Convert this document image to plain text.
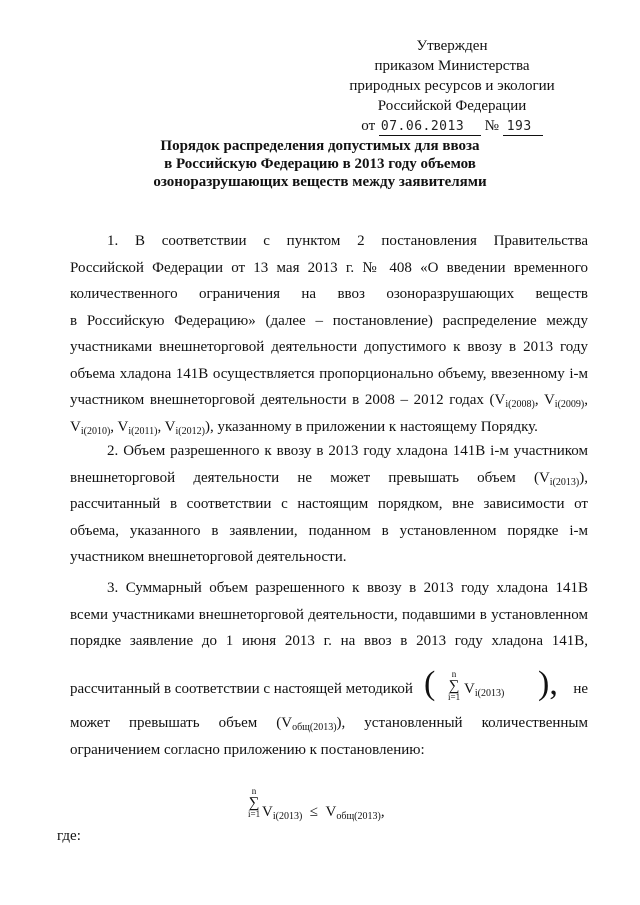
Утвержден
приказом Министерства
природных ресурсов и экологии
Российской Федерации
от 07.06.2013 № 193
Порядок распределения допустимых для ввоза
в Российскую Федерацию в 2013 году объемов
озоноразрушающих веществ между заявителями
1. В соответствии с пунктом 2 постановления Правительства
Российской Федерации от 13 мая 2013 г. № 408 «О введении временного
количественного ограничения на ввоз озоноразрушающих веществ
в Российскую Федерацию» (далее – постановление) распределение между
участниками внешнеторговой деятельности допустимого к ввозу в 2013 году
объема хладона 141В осуществляется пропорционально объему, ввезенному i-м
участником внешнеторговой деятельности в 2008 – 2012 годах ($V_{i(2008)}$, $V_{i(2009)}$,
$V_{i(2010)}$, $V_{i(2011)}$, $V_{i(2012)}$), указанному в приложении к настоящему Порядку.
2. Объем разрешенного к ввозу в 2013 году хладона 141В i-м участником
внешнеторговой деятельности не может превышать объем $(V_{i(2013)})$,
рассчитанный в соответствии с настоящим порядком, вне зависимости от
объема, указанного в заявлении, поданном в установленном порядке i-м
участником внешнеторговой деятельности.
3. Суммарный объем разрешенного к ввозу в 2013 году хладона 141В
всеми участниками внешнеторговой деятельности, подавшими в установленном
порядке заявление до 1 июня 2013 г. на ввоз в 2013 году хладона 141В,
рассчитанный в соответствии с настоящей методикой (	n
∑
i=1 $V_{i(2013)}$ ), не
может превышать объем $(V_{общ(2013)})$, установленный количественным
ограничением согласно приложению к постановлению:
n
∑
i=1 $V_{i(2013)} \le V_{общ(2013)}$,
где:
